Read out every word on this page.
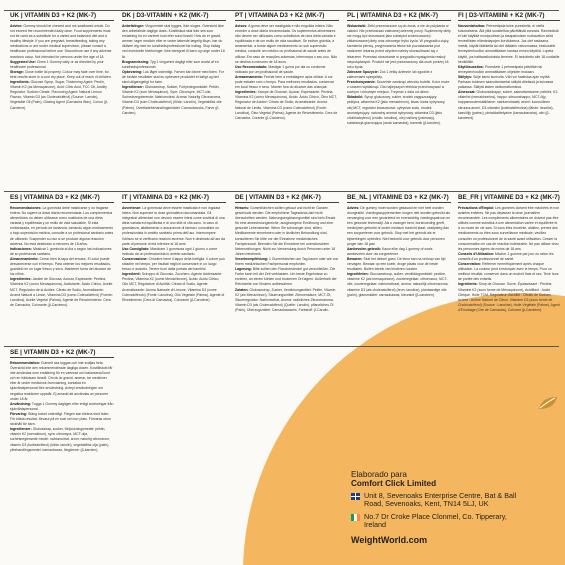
UK | VITAMIN D3 + K2 (MK-7)

Advice: Gummy should be chewed and not swallowed whole. Do not exceed the recommended daily dose. Food supplements must not be used as a substitute for a varied and balanced diet and a healthy lifestyle. If you are pregnant, breastfeeding, taking any medications or are under medical supervision, please consult a healthcare professional before use. Discontinue use if any adverse reactions occur. Not intended for persons under the age of 18.

Suggested Use: Chew 1 Gummy daily or as directed by your healthcare professional.

Storage: Close bottle lid properly. Colour may fade over time, for best results store in a cool dry place. Keep out of reach of children.

Ingredients: Glucose Syrup, Sugar, Thickening Agent: Pectin, Vitamin K2 (as Menaquinone), Acid: Citric Acid, FCC Oil, Acidity Regulator: Sodium Citrate, Flavouring Agent: Natural Lemon Flavour, Vitamin D3 (as Cholecalciferol) (Source: Lanolin), Vegetable Oil (Palm), Glazing Agent (Carnauba Wax), Colour (β-Carotene).

DK | D3-VITAMIN + K2 (MK-7)

Anbefalinger: Vingummiet skal tygges, ikke sluges. Overskrid ikke den anbefalede daglige dosis. Kosttilskud skal ikke ses som erstatning for en varieret kost eller sund livsstil. Hvis du er gravid, ammer, tager medicin eller er under løbende lægelig tilsyn, bør du rådføre dig med en sundhedsprofessionel før indtag. Stop indtag ved eventuelle bivirkninger. Ikke beregnet til børn og unge under 18 år.

Brugsanvisning: Tyg 1 vingummi dagligt eller som anvist af en sundhedsprofessionel.

Opbevaring: Luk låget ordentligt. Farven kan falme med tiden. For de bedste resultater skal du opbevare produktet et køligt og tørt sted utilgængeligt for børn.

Ingredienser: Glukosesirup, Sukker, Fortykningsmiddel: Pektin, Vitamin K2 (som Menaquinon), Syre: Citronsyre, MCT-olie, Surhedsregulerende: Natriumcitrat, Aroma: Naturlig Citronaroma, Vitamin D3 (som Cholecalciferol) (Kilde: Lanolin), Vegetabilsk olie (Palme), Overfladebehandlingsmiddel: Carnaubavoks, Farve (β-Caroten).

PT | VITAMINA D3 + K2 (MK-7)

Avisos: A goma deve ser mastigada e não engolida inteira. Não exceder a dose diária recomendada. Os suplementos alimentares não devem ser utilizados como substitutos de uma dieta variada e equilibrada e de um estilo de vida saudável. Se estiver grávida, a amamentar, a tomar algum medicamento ou sob supervisão médica, consulte um médico ou profissional de saúde antes de utilizar. Em caso de reacções adversas, interrompa o seu uso. Não se destina a menores de 18 anos.

Uso Recomendado: Mastigar 1 goma por dia ou conforme indicado por um profissional de saúde.

Armazenamento: Fechar bem a embalagem após utilizar. A cor pode esbater com o tempo. Para melhores resultados, conservar em local fresco e seco. Manter fora do alcance das crianças.

Ingredientes: Xarope de Glucose, Açúcar, Espessante: Pectina, Vitamina K2 (como Menaquinona), Ácido: Ácido Cítrico, Óleo MCT, Regulador de Acidez: Citrato de Sódio, Aromatizante: Aroma Natural de Limão, Vitamina D3 (como Colecalciferol) (Fonte: Lanolina), Óleo Vegetal (Palma), Agente de Revestimento: Cera de Carnaúba, Corante (β-Caroteno).

PL | WITAMINA D3 + K2 (MK-7)

Wskazówki: Żelki przeznaczone są do żucia, a nie do połykania w całości. Nie przekraczać zalecanej dziennej porcji. Suplementy diety nie mogą być stosowane jako substytut zróżnicowanej i zbilansowanej diety oraz zdrowego trybu życia. W przypadku ciąży, karmienia piersią, przyjmowania leków lub pozostawania pod nadzorem lekarza przed użyciem należy skonsultować się z lekarzem. Przerwać stosowanie w przypadku wystąpienia reakcji niepożądanych. Produkt nie jest przeznaczony dla osób poniżej 18. roku życia.

Zalecane Spożycie: Żuć 1 żelkę dziennie lub zgodnie z zaleceniami specjalisty.

Przechowywanie: Szczelnie zamknąć wieczko butelki. Kolor może z czasem wyblaknąć. Dla najlepszych efektów przechowywać w suchym i chłodnym miejscu. Trzymać z dala od dzieci.

Składniki: Syrop glukozowy, cukier, środek zagęszczający: pektyna, witamina K2 (jako menachinon), kwas: kwas cytrynowy, olej MCT, regulator kwasowości: cytrynian sodu, środek aromatyzujący: naturalny aromat cytrynowy, witamina D3 (jako cholekalcyferol) (źródło: lanolina), olej roślinny (palmowy), substancja glazurująca (wosk karnauba), barwnik (β-karoten).

FI | D3-VITAMIINI + K2 (MK-7)

Neuvontahoitoa: Pehmeäpala tulee pureskella, ei niellä kokonaisena. Älä ylitä suositeltua päivittäistä annosta. Ravintolisiä ei tule käyttää monipuolisen ja tasapainoisen ruokavalion sekä terveellisten elämäntapojen korvikkeena. Jos olet raskaana, imetät, käytät lääkkeitä tai olet lääkärin valvonnassa, keskustele terveydenhuollon ammattilaisen kanssa ennen käyttöä. Lopeta käyttö, jos haittavaikutuksia ilmenee. Ei tarkoitettu alle 18-vuotiaille henkilöille.

Käyttösuositus: Pureskele 1 pehmeäpala päivittäin tai terveydenhuollon ammattilaisen ohjeiden mukaan.

Säilytys: Sulje kansi kunnolla. Väri voi haalistua ajan myötä. Parhaan tuloksen saavuttamiseksi säilytä viileässä ja kuivassa paikassa. Säilytä lasten ulottumattomissa.

Ainesosat: Glukoosisiirappi, sokeri, sakeuttamisaine: pektiini, K2-vitamiini (menakinonina), happo: sitruunahappo, MCT-öljy, happamuudensäätöaine: natriumsitraatti, aromi: luonnollinen sitruuna-aromi, D3-vitamiini (kolekalsiferolina) (lähde: lanoliini), kasviöljy (palmu), pintakäsittelyaine (karnaubavaha), väri (β-karoteeni).

ES | VITAMINA D3 + K2 (MK-7)

Recomendaciones: La gominola debe masticarse y no tragarse entera. No supere la dosis diaria recomendada. Los complementos alimenticios no deben utilizarse como sustitutos de una dieta variada y equilibrada y un estilo de vida saludable. Si está embarazada, en período de lactancia, tomando algún medicamento o bajo supervisión médica, consulte a un profesional sanitario antes de utilizarlo. Suspender su uso si se produce alguna reacción adversa. No está destinado a menores de 18 años.

Indicaciones: Masticar 1 gominola al día o según las indicaciones de su profesional sanitario.

Almacenamiento: Cerrar bien la tapa del envase. El color puede desvanecerse con el tiempo. Para obtener los mejores resultados, guárdelo en un lugar fresco y seco. Mantener fuera del alcance de los niños.

Ingredientes: Jarabe de Glucosa, Azúcar, Espesante: Pectina, Vitamina K2 (como Menaquinona), Acidulante: Ácido Cítrico, Aceite MCT, Regulador de la Acidez: Citrato de Sodio, Aromatizante: Aroma Natural a Limón, Vitamina D3 (como Colecalciferol) (Fuente: Lanolina), Aceite Vegetal (Palma), Agente de Recubrimiento: Cera de Carnaúba, Colorante (β-Caroteno).

IT | VITAMINA D3 + K2 (MK-7)

Avvertenze: La gommosa deve essere masticata e non ingoiata intera. Non superare la dose giornaliera raccomandata. Gli integratori alimentari non devono essere intesi come sostituti di una dieta variata ed equilibrata e di uno stile di vita sano. In caso di gravidanza, allattamento o assunzione di farmaci, consultare un professionista in ambito sanitario prima dell'uso. Interrompere l'utilizzo se si verificano reazioni avverse. Non è destinato all'uso da parte di persone di età inferiore ai 18 anni.

Uso Consigliato: Masticare 1 gommosa ogni 1 giorno o come indicato da un professionista in ambito sanitario.

Conservazione: Chiudere bene il tappo della bottiglia. Il colore può sbiadire nel tempo; per risultati migliori conservare in un luogo fresco e asciutto. Tenere fuori dalla portata dei bambini.

Ingredienti: Sciroppo di Glucosio, Zucchero, Agente Addensante: Pectina, Vitamina K2 (come Menachinone), Acido: Acido Citrico, Olio MCT, Regolatore di Acidità: Citrato di Sodio, Agente Aromatizzante: Aroma Naturale di Limone, Vitamina D3 (come Colecalciferolo) (Fonte: Lanolina), Olio Vegetale (Palma), Agente di Rivestimento (Cera di Carnauba), Colorante (β-Carotene).

DE | VITAMIN D3 + K2 (MK-7)

Hinweis: Gummibärchen sollten gekaut und nicht im Ganzen geschluckt werden. Die empfohlene Tagesdosis darf nicht überschritten werden. Nahrungsergänzungsmittel sind kein Ersatz für eine abwechslungsreiche, ausgewogene Ernährung und eine gesunde Lebensweise. Wenn Sie schwanger sind, stillen, Medikamente einnehmen oder in ärztlicher Behandlung sind, konsultieren Sie bitte vor der Einnahme medizinisches Fachpersonal. Beenden Sie die Einnahme bei unerwünschten Nebenwirkungen. Nicht zur Verwendung durch Personen unter 18 Jahren bestimmt.

Verzehrempfehlung: 1 Gummibärchen am Tag kauen oder wie von Ihrem medizinischen Fachpersonal empfohlen.

Lagerung: Bitte sollten den Flaschendeckel gut verschließen. Die Farbe kann mit der Zeit verblassen. Um beste Ergebnisse zu erzielen, an einem kühlen und trockenen Ort lagern. Außerhalb der Reichweite von Kindern aufbewahren.

Zutaten: Glukosesirup, Zucker, Verdickungsmittel: Pektin, Vitamin K2 (als Menachinon), Säuerungsmittel: Zitronensäure, MCT-Öl, Säureregulator: Natriumcitrat, Aroma: natürliches Zitronenaroma, Vitamin D3 (als Cholecalciferol) (Quelle: Lanolin), pflanzliches Öl (Palm), Überzugsmittel: Carnaubawachs, Farbstoff: β-Carotin.

BE_NL | VITAMINE D3 + K2 (MK-7)

Advies: De gummy moet worden gekauwd en niet heel worden doorgeslikt. Voedingssupplementen mogen niet worden gebruikt als vervanging voor een gevarieerd en evenwichtig voedingspatroon en een gezonde levensstijl. Als u zwanger bent, borstvoeding geeft, medicijnen gebruikt of onder medisch toezicht staat, raadpleeg dan een zorgverlener voor gebruik. Stop met het gebruik als er bijwerkingen optreden. Niet bedoeld voor gebruik door personen jonger dan 18 jaar.

Aanbevolen gebruik: Kauw elke dag 1 gummy of zoals aanbevolen door uw zorgverlener.

Bewaren: Sluit het deksel goed. De kleur kan na verloop van tijd vervagen. Bewaar op een koele, droge plaats voor de beste resultaten. Buiten bereik van kinderen houden.

Ingrediënten: Glucosestroop, suiker, verdikkingsmiddel: pectine, vitamine K2 (als menaquinone), zuurteregelaar: citroenzuur, MCT-olie, zuurteregelaar: natriumcitraat, aroma: natuurlijk citroenaroma, vitamine D3 (als cholecalciferol) (bron: lanoline), plantaardige olie (palm), glansmiddel: carnaubawas, kleurstof (β-caroteen).

BE_FR | VITAMINE D3 + K2 (MK-7)

Précautions d'Emploi: Les gommes doivent être mâchées et non avalées entières. Ne pas dépasser la dose journalière recommandée. Les compléments alimentaires ne doivent pas être utilisés comme substitut à une alimentation variée et équilibrée et à un mode de vie sain. Si vous êtes enceinte, allaitez, prenez des médicaments ou êtes sous surveillance médicale, veuillez consulter un professionnel de la santé avant utilisation. Cesser la consommation en cas de réaction indésirable. Ne pas utiliser chez les personnes âgées de moins de 18 ans.

Conseils d'Utilisation: Mâcher 1 gomme par jour ou selon les conseils d'un professionnel de santé.

Conservation: Refermer hermétiquement après chaque utilisation. La couleur peut s'estomper avec le temps. Pour un meilleur résultat, conserver dans un endroit frais et sec. Tenir hors de portée des enfants.

Ingrédients: Sirop de Glucose, Sucre, Épaississant : Pectine, Vitamine K2 (sous forme de Ménaquinone), Acidifiant : Acide Citrique, Huile TCM, Régulateur d'acidité : Citrate de Sodium, Arôme : Arôme Naturel de Citron, Vitamine D3 (sous forme de Cholécalciférol) (Source : Lanoline), Huile Végétale (Palme), Agent d'Enrobage (Cire de Carnauba), Colorant (β-Carotène).

SE | VITAMIN D3 + K2 (MK-7)

Rekommendation: Gummit ska tuggas och inte sväljas hela. Överskrid inte den rekommenderade dagliga dosen. Kosttillskott får inte användas som ersättning för en varierad och balanserad kost och en hälsosam livsstil. Om du är gravid, ammar, tar mediciner eller är under medicinsk övervakning, kontakta en sjukvårdspersonal före användning. Avbryt användningen om negativa reaktioner uppstår. Ej avsedd att användas av personer under 18 år.

Användning: Tugga 1 Gummy dagligen eller enligt anvisningar från sjukvårdspersonal.

Förvaring: Stäng locket ordentligt. Färgen kan blekna med tiden. För bästa resultat, förvara på en sval och torr plats. Förvaras utom räckhåll för barn.

Ingredienser: Glukossirap, socker, förtjockningsmedel: pektin, vitamin K2 (menakinon), syra: citronsyra, MCT-olja, surhetsreglerande medel: natriumcitrat, arom: naturlig citronarom, vitamin D3 (kolekalciferol) (källa: lanolin), vegetabilisk olja (palm), ytbehandlingsmedel: karnaubavax, färgämne: (β-karoten).

Elaborado para
Comfort Click Limited
Unit 8, Sevenoaks Enterprise Centre, Bat & Ball Road, Sevenoaks, Kent, TN14 5LJ, UK
No.7 Dr Croke Place Clonmel, Co. Tipperary, Ireland
WeightWorld.com
